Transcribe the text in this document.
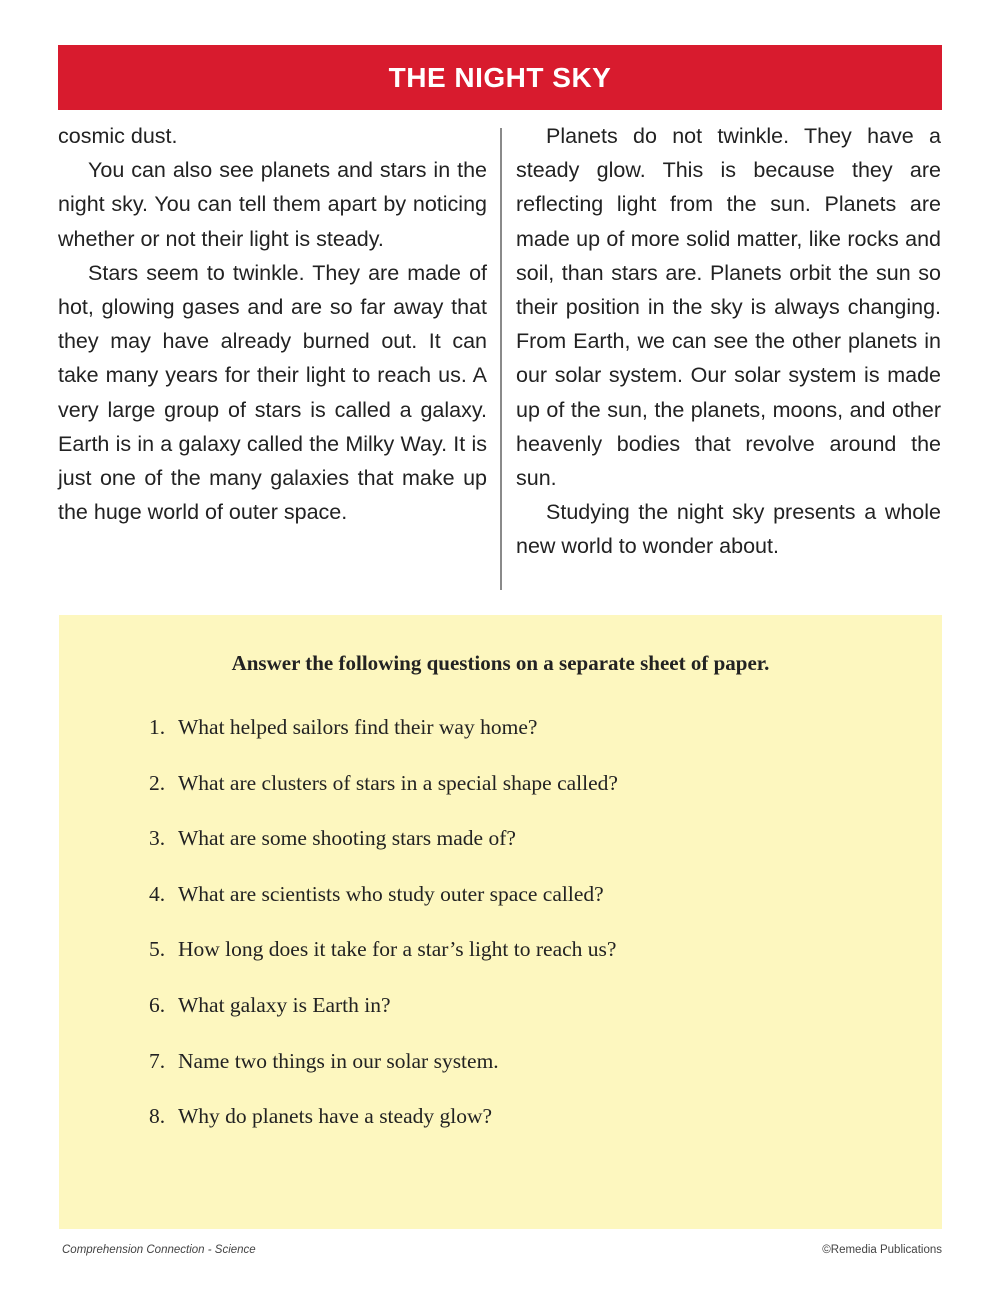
THE NIGHT SKY

cosmic dust.

You can also see planets and stars in the night sky. You can tell them apart by noticing whether or not their light is steady.

Stars seem to twinkle. They are made of hot, glowing gases and are so far away that they may have already burned out. It can take many years for their light to reach us. A very large group of stars is called a galaxy. Earth is in a galaxy called the Milky Way. It is just one of the many galaxies that make up the huge world of outer space.

Planets do not twinkle. They have a steady glow. This is because they are reflecting light from the sun. Planets are made up of more solid matter, like rocks and soil, than stars are. Planets orbit the sun so their position in the sky is always changing. From Earth, we can see the other planets in our solar system. Our solar system is made up of the sun, the planets, moons, and other heavenly bodies that revolve around the sun.

Studying the night sky presents a whole new world to wonder about.

Answer the following questions on a separate sheet of paper.
1. What helped sailors find their way home?
2. What are clusters of stars in a special shape called?
3. What are some shooting stars made of?
4. What are scientists who study outer space called?
5. How long does it take for a star’s light to reach us?
6. What galaxy is Earth in?
7. Name two things in our solar system.
8. Why do planets have a steady glow?
Comprehension Connection - Science	©Remedia Publications
